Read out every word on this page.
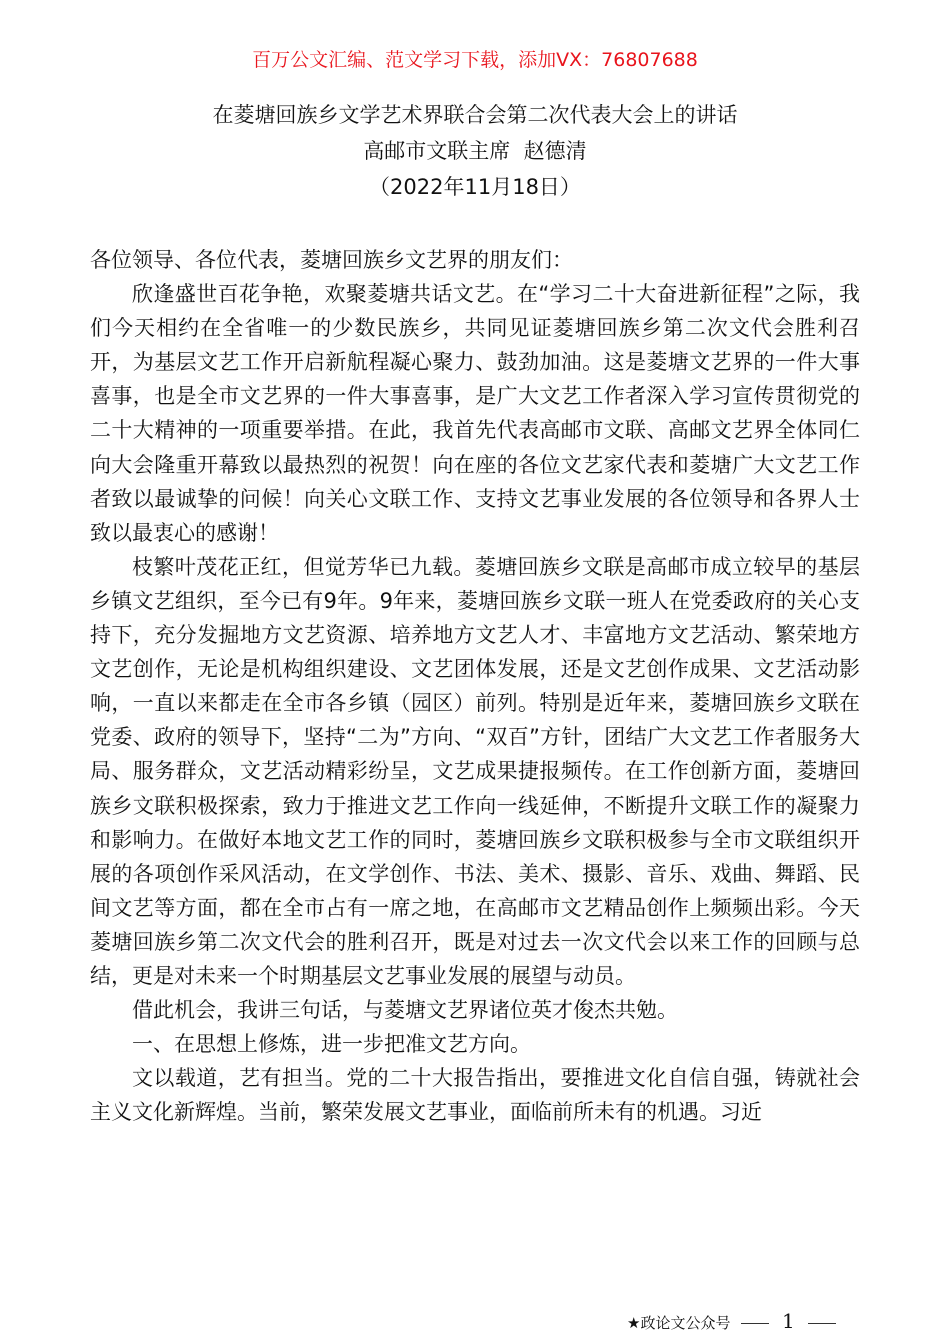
百万公文汇编、范文学习下载，添加VX：76807688
在菱塘回族乡文学艺术界联合会第二次代表大会上的讲话
高邮市文联主席  赵德清
（2022年11月18日）

各位领导、各位代表，菱塘回族乡文艺界的朋友们：

欣逢盛世百花争艳，欢聚菱塘共话文艺。在“学习二十大奋进新征程”之际，我们今天相约在全省唯一的少数民族乡，共同见证菱塘回族乡第二次文代会胜利召开，为基层文艺工作开启新航程凝心聚力、鼓劲加油。这是菱塘文艺界的一件大事喜事，也是全市文艺界的一件大事喜事，是广大文艺工作者深入学习宣传贯彻党的二十大精神的一项重要举措。在此，我首先代表高邮市文联、高邮文艺界全体同仁向大会隆重开幕致以最热烈的祝贺！向在座的各位文艺家代表和菱塘广大文艺工作者致以最诚挚的问候！向关心文联工作、支持文艺事业发展的各位领导和各界人士致以最衷心的感谢！

枝繁叶茂花正红，但觉芳华已九载。菱塘回族乡文联是高邮市成立较早的基层乡镇文艺组织，至今已有9年。9年来，菱塘回族乡文联一班人在党委政府的关心支持下，充分发掘地方文艺资源、培养地方文艺人才、丰富地方文艺活动、繁荣地方文艺创作，无论是机构组织建设、文艺团体发展，还是文艺创作成果、文艺活动影响，一直以来都走在全市各乡镇（园区）前列。特别是近年来，菱塘回族乡文联在党委、政府的领导下，坚持“二为”方向、“双百”方针，团结广大文艺工作者服务大局、服务群众，文艺活动精彩纷呈，文艺成果捷报频传。在工作创新方面，菱塘回族乡文联积极探索，致力于推进文艺工作向一线延伸，不断提升文联工作的凝聚力和影响力。在做好本地文艺工作的同时，菱塘回族乡文联积极参与全市文联组织开展的各项创作采风活动，在文学创作、书法、美术、摄影、音乐、戏曲、舞蹈、民间文艺等方面，都在全市占有一席之地，在高邮市文艺精品创作上频频出彩。今天菱塘回族乡第二次文代会的胜利召开，既是对过去一次文代会以来工作的回顾与总结，更是对未来一个时期基层文艺事业发展的展望与动员。

借此机会，我讲三句话，与菱塘文艺界诸位英才俊杰共勉。

一、在思想上修炼，进一步把准文艺方向。

文以载道，艺有担当。党的二十大报告指出，要推进文化自信自强，铸就社会主义文化新辉煌。当前，繁荣发展文艺事业，面临前所未有的机遇。习近

★政论文公众号	1
